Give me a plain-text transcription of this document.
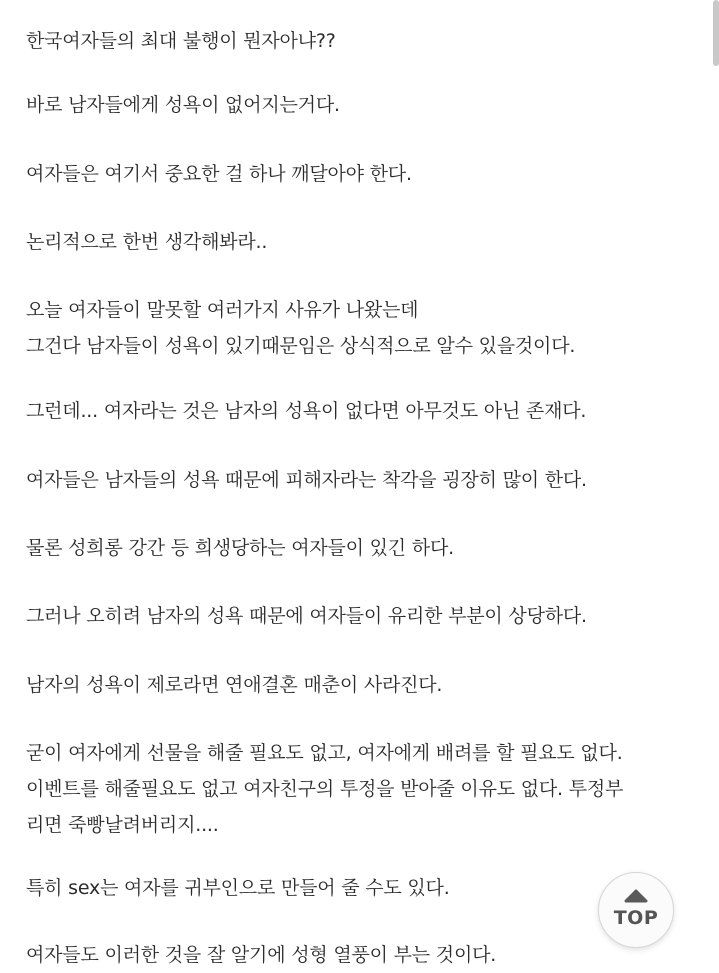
한국여자들의 최대 불행이 뭔자아냐??

바로 남자들에게 성욕이 없어지는거다.

여자들은 여기서 중요한 걸 하나 깨달아야 한다.

논리적으로 한번 생각해봐라..

오늘 여자들이 말못할 여러가지 사유가 나왔는데
그건다 남자들이 성욕이 있기때문임은 상식적으로 알수 있을것이다.

그런데... 여자라는 것은 남자의 성욕이 없다면 아무것도 아닌 존재다.

여자들은 남자들의 성욕 때문에 피해자라는 착각을 굉장히 많이 한다.

물론 성희롱 강간 등 희생당하는 여자들이 있긴 하다.

그러나 오히려 남자의 성욕 때문에 여자들이 유리한 부분이 상당하다.

남자의 성욕이 제로라면 연애결혼 매춘이 사라진다.

굳이 여자에게 선물을 해줄 필요도 없고, 여자에게 배려를 할 필요도 없다.
이벤트를 해줄필요도 없고 여자친구의 투정을 받아줄 이유도 없다. 투정부
리면 죽빵날려버리지....

특히 sex는 여자를 귀부인으로 만들어 줄 수도 있다.

여자들도 이러한 것을 잘 알기에 성형 열풍이 부는 것이다.

TOP
